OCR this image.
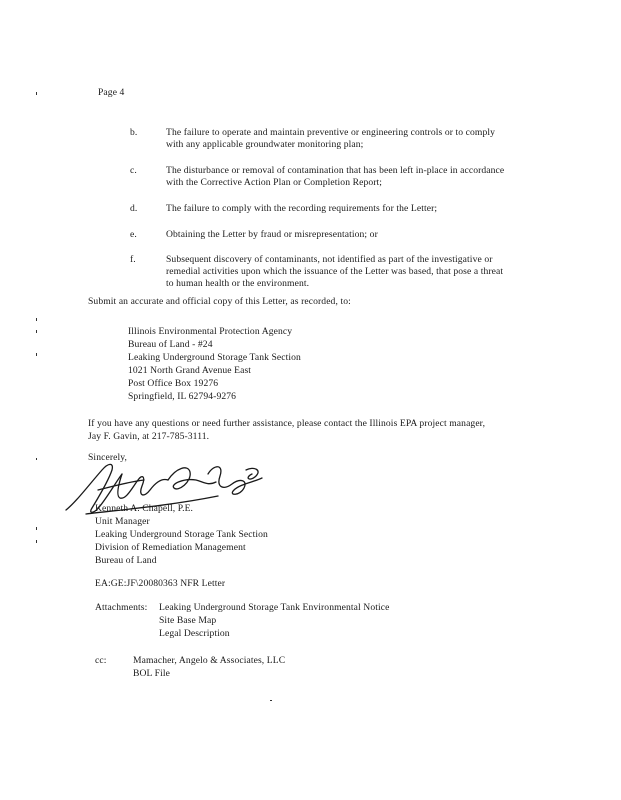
Page 4
b.	The failure to operate and maintain preventive or engineering controls or to comply
with any applicable groundwater monitoring plan;
c.	The disturbance or removal of contamination that has been left in-place in accordance
with the Corrective Action Plan or Completion Report;
d.	The failure to comply with the recording requirements for the Letter;
e.	Obtaining the Letter by fraud or misrepresentation; or
f.	Subsequent discovery of contaminants, not identified as part of the investigative or
remedial activities upon which the issuance of the Letter was based, that pose a threat
to human health or the environment.
Submit an accurate and official copy of this Letter, as recorded, to:
Illinois Environmental Protection Agency
Bureau of Land - #24
Leaking Underground Storage Tank Section
1021 North Grand Avenue East
Post Office Box 19276
Springfield, IL 62794-9276
If you have any questions or need further assistance, please contact the Illinois EPA project manager,
Jay F. Gavin, at 217-785-3111.
Sincerely,
Kenneth A. Chapell, P.E.
Unit Manager
Leaking Underground Storage Tank Section
Division of Remediation Management
Bureau of Land
EA:GE:JF\20080363 NFR Letter
Attachments: Leaking Underground Storage Tank Environmental Notice
Site Base Map
Legal Description
cc:	Mamacher, Angelo & Associates, LLC
BOL File
